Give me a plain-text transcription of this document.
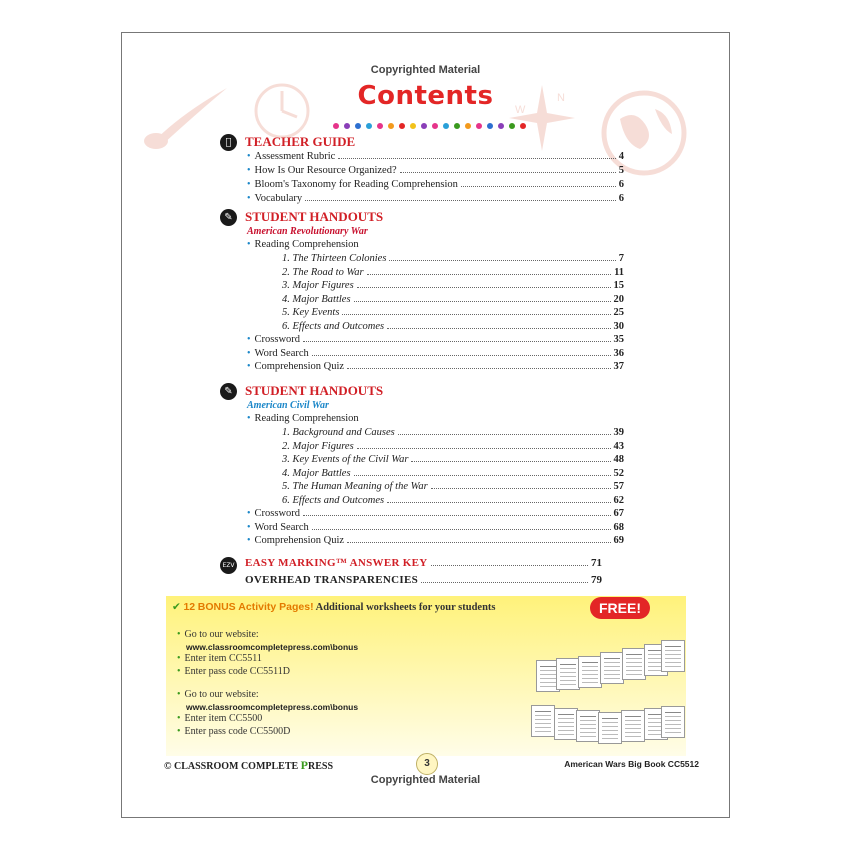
W
N
Copyrighted Material
Contents
TEACHER GUIDE
✎ STUDENT HANDOUTS
American Revolutionary War
✎ STUDENT HANDOUTS
American Civil War
EZV EASY MARKING™ ANSWER KEY	71
OVERHEAD TRANSPARENCIES	79
✔ 12 BONUS Activity Pages! Additional worksheets for your students	FREE!
• Go to our website:
www.classroomcompletepress.com\bonus
• Enter item CC5511
• Enter pass code CC5511D
• Go to our website:
www.classroomcompletepress.com\bonus
• Enter item CC5500
• Enter pass code CC5500D
© CLASSROOM COMPLETE PRESS	3	American Wars Big Book CC5512
Copyrighted Material
• Assessment Rubric	4
• How Is Our Resource Organized?	5
• Bloom's Taxonomy for Reading Comprehension	6
• Vocabulary	6
• Reading Comprehension
1. The Thirteen Colonies	7
2. The Road to War	11
3. Major Figures	15
4. Major Battles	20
5. Key Events	25
6. Effects and Outcomes	30
• Crossword	35
• Word Search	36
• Comprehension Quiz	37
• Reading Comprehension
1. Background and Causes	39
2. Major Figures	43
3. Key Events of the Civil War	48
4. Major Battles	52
5. The Human Meaning of the War	57
6. Effects and Outcomes	62
• Crossword	67
• Word Search	68
• Comprehension Quiz	69
